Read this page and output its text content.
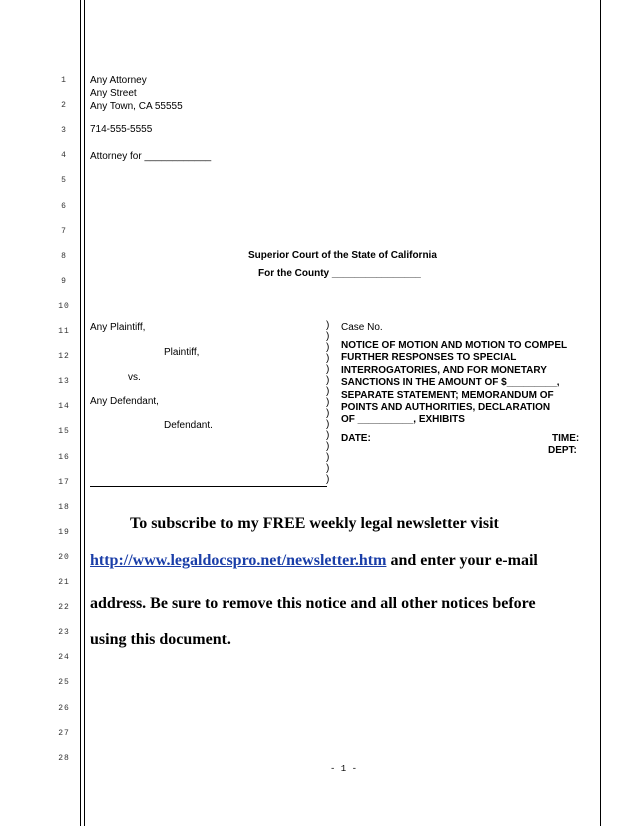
1
2
3
4
5
6
7
8
9
10
11
12
13
14
15
16
17
18
19
20
21
22
23
24
25
26
27
28
Any Attorney
Any Street
Any Town, CA 55555
714-555-5555
Attorney for ____________
Superior Court of the State of California
For the County ________________
Any Plaintiff,
Plaintiff,
vs.
Any Defendant,
Defendant.
)
)
)
)
)
)
)
)
)
)
)
)
)
)
)
Case No.
NOTICE OF MOTION AND MOTION TO COMPEL
FURTHER RESPONSES TO SPECIAL
INTERROGATORIES, AND FOR MONETARY
SANCTIONS IN THE AMOUNT OF $_________,
SEPARATE STATEMENT; MEMORANDUM OF
POINTS AND AUTHORITIES, DECLARATION
OF __________, EXHIBITS
DATE:	TIME:
DEPT:
To subscribe to my FREE weekly legal newsletter visit
http://www.legaldocspro.net/newsletter.htm and enter your e-mail
address. Be sure to remove this notice and all other notices before
using this document.
- 1 -
